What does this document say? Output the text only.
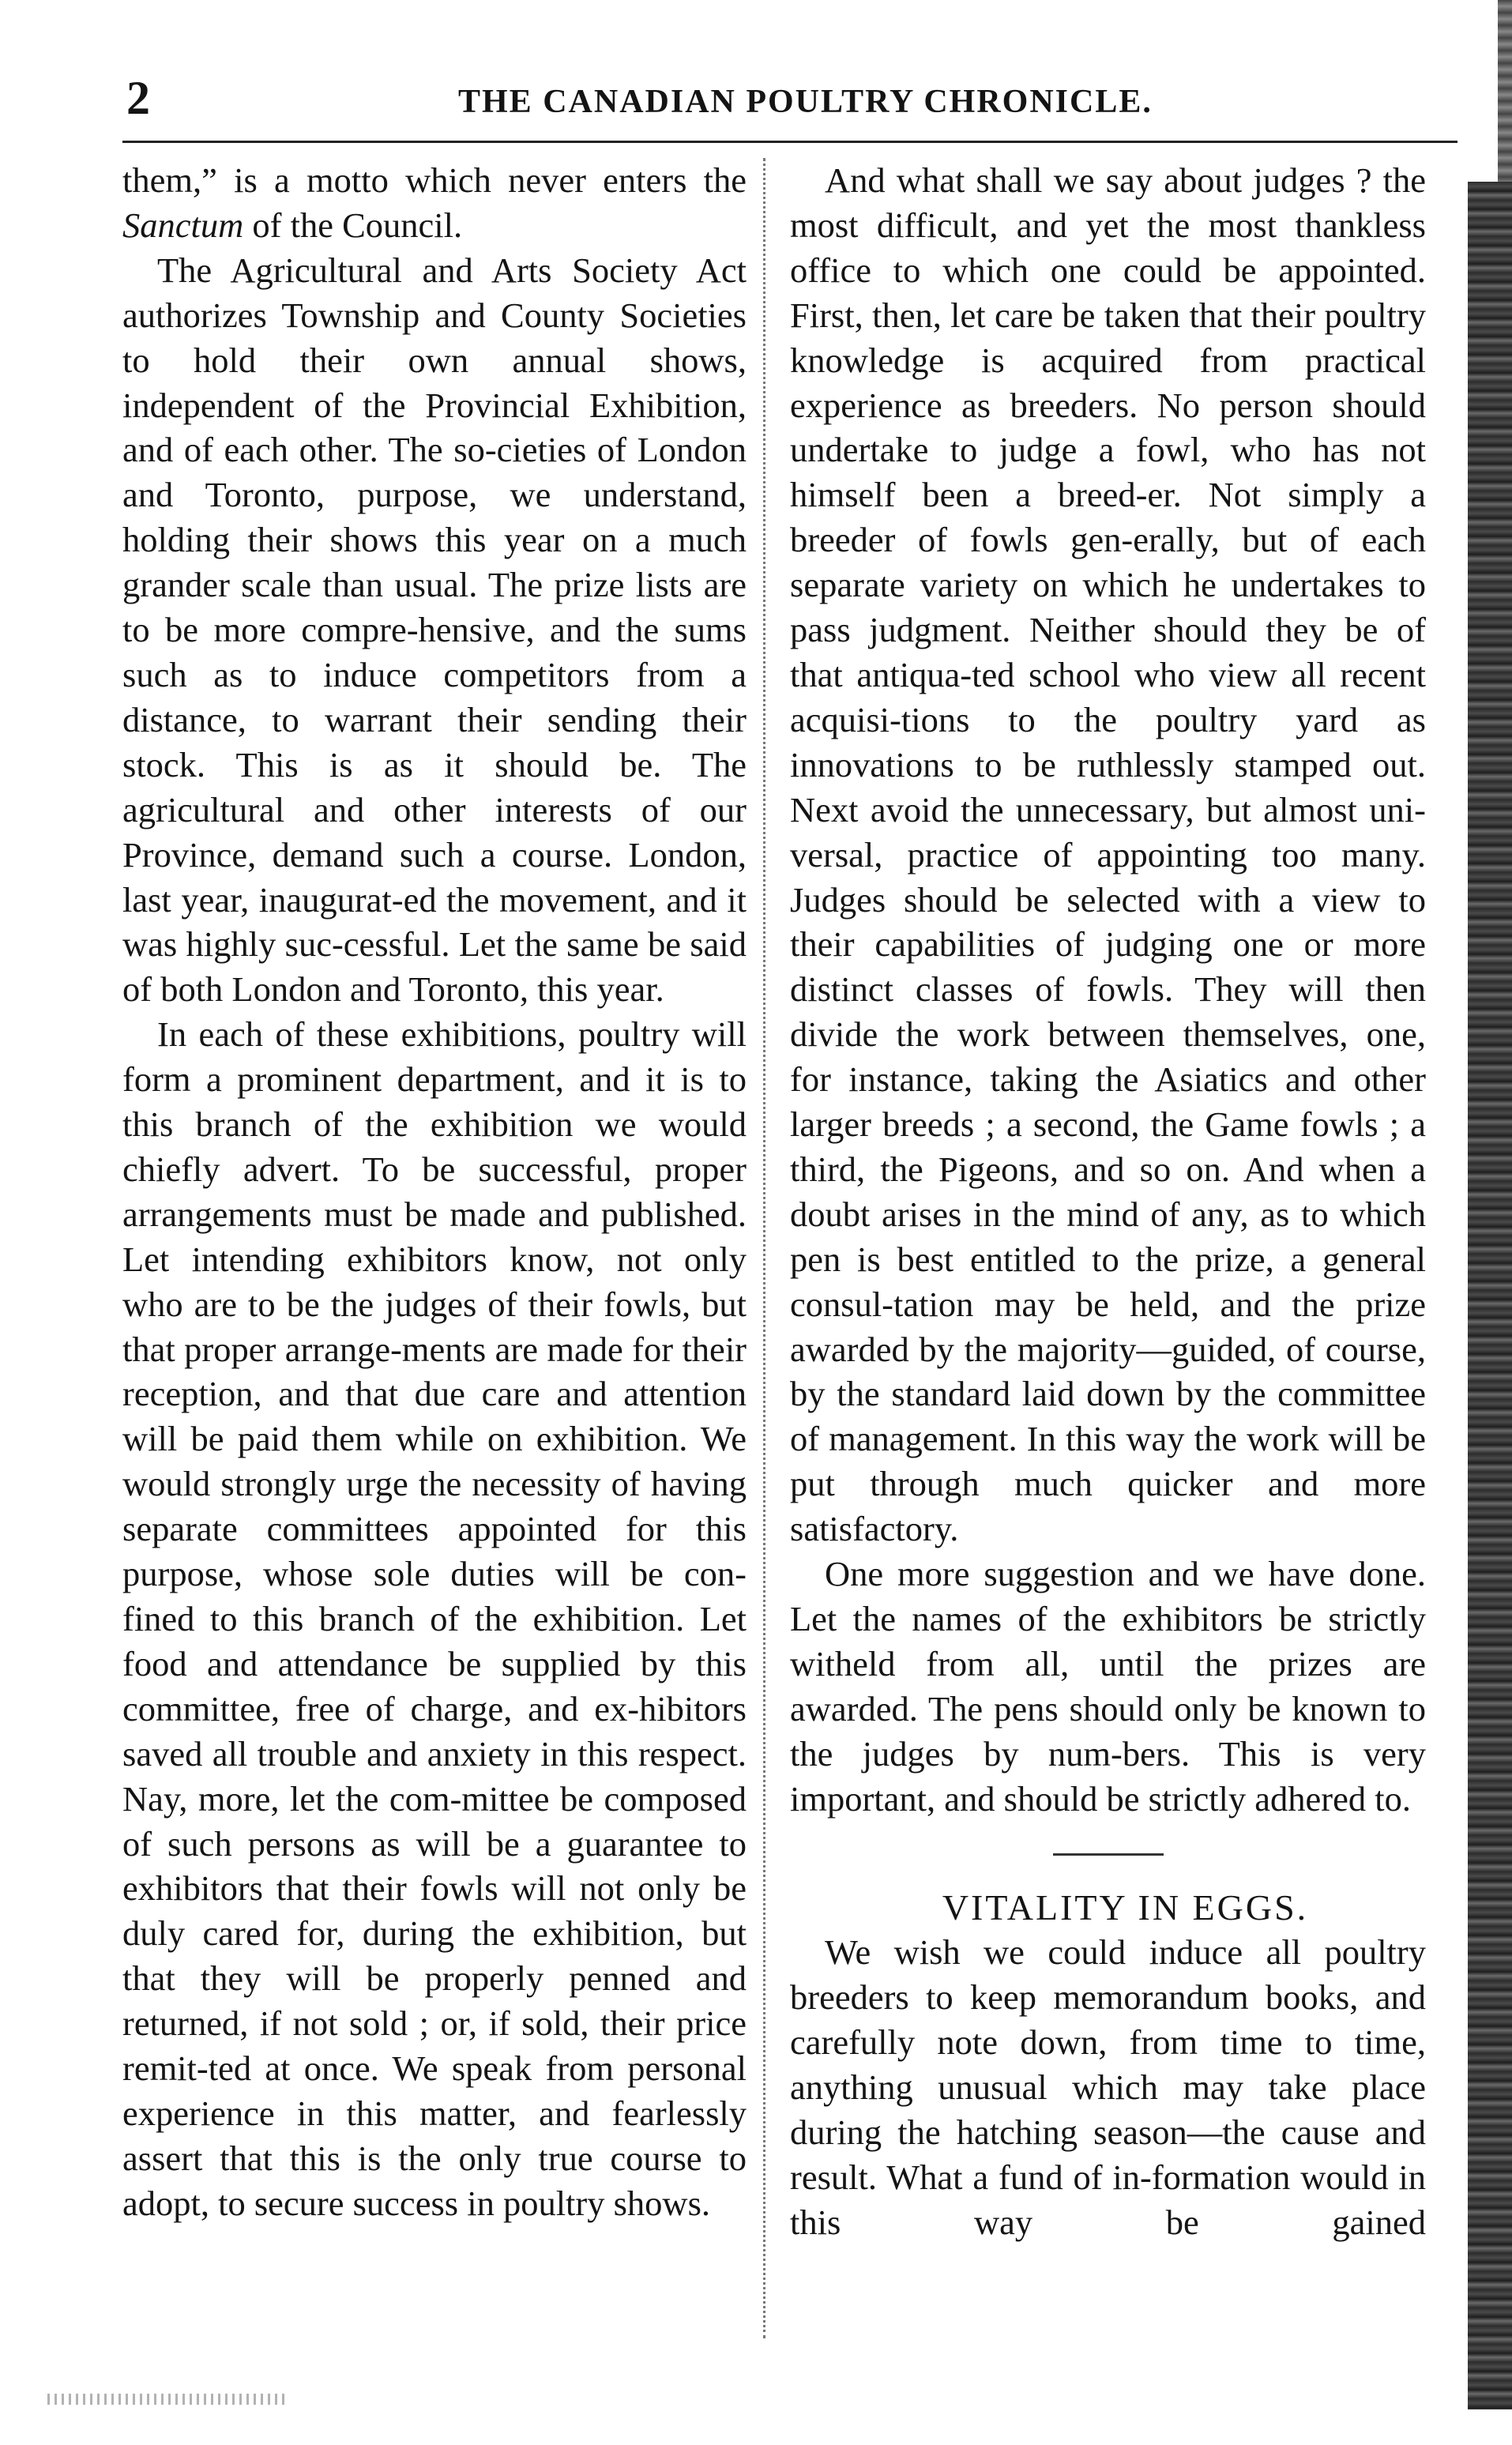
2	THE CANADIAN POULTRY CHRONICLE.

them,” is a motto which never enters the Sanctum of the Council.

The Agricultural and Arts Society Act authorizes Township and County Societies to hold their own annual shows, independent of the Provincial Exhibition, and of each other. The so-cieties of London and Toronto, purpose, we understand, holding their shows this year on a much grander scale than usual. The prize lists are to be more compre-hensive, and the sums such as to induce competitors from a distance, to warrant their sending their stock. This is as it should be. The agricultural and other interests of our Province, demand such a course. London, last year, inaugurat-ed the movement, and it was highly suc-cessful. Let the same be said of both London and Toronto, this year.

In each of these exhibitions, poultry will form a prominent department, and it is to this branch of the exhibition we would chiefly advert. To be successful, proper arrangements must be made and published. Let intending exhibitors know, not only who are to be the judges of their fowls, but that proper arrange-ments are made for their reception, and that due care and attention will be paid them while on exhibition. We would strongly urge the necessity of having separate committees appointed for this purpose, whose sole duties will be con-fined to this branch of the exhibition. Let food and attendance be supplied by this committee, free of charge, and ex-hibitors saved all trouble and anxiety in this respect. Nay, more, let the com-mittee be composed of such persons as will be a guarantee to exhibitors that their fowls will not only be duly cared for, during the exhibition, but that they will be properly penned and returned, if not sold ; or, if sold, their price remit-ted at once. We speak from personal experience in this matter, and fearlessly assert that this is the only true course to adopt, to secure success in poultry shows.

And what shall we say about judges ? the most difficult, and yet the most thankless office to which one could be appointed. First, then, let care be taken that their poultry knowledge is acquired from practical experience as breeders. No person should undertake to judge a fowl, who has not himself been a breed-er. Not simply a breeder of fowls gen-erally, but of each separate variety on which he undertakes to pass judgment. Neither should they be of that antiqua-ted school who view all recent acquisi-tions to the poultry yard as innovations to be ruthlessly stamped out. Next avoid the unnecessary, but almost uni-versal, practice of appointing too many. Judges should be selected with a view to their capabilities of judging one or more distinct classes of fowls. They will then divide the work between themselves, one, for instance, taking the Asiatics and other larger breeds ; a second, the Game fowls ; a third, the Pigeons, and so on. And when a doubt arises in the mind of any, as to which pen is best entitled to the prize, a general consul-tation may be held, and the prize awarded by the majority—guided, of course, by the standard laid down by the committee of management. In this way the work will be put through much quicker and more satisfactory.

One more suggestion and we have done. Let the names of the exhibitors be strictly witheld from all, until the prizes are awarded. The pens should only be known to the judges by num-bers. This is very important, and should be strictly adhered to.

VITALITY IN EGGS.

We wish we could induce all poultry breeders to keep memorandum books, and carefully note down, from time to time, anything unusual which may take place during the hatching season—the cause and result. What a fund of in-formation would in this way be gained
